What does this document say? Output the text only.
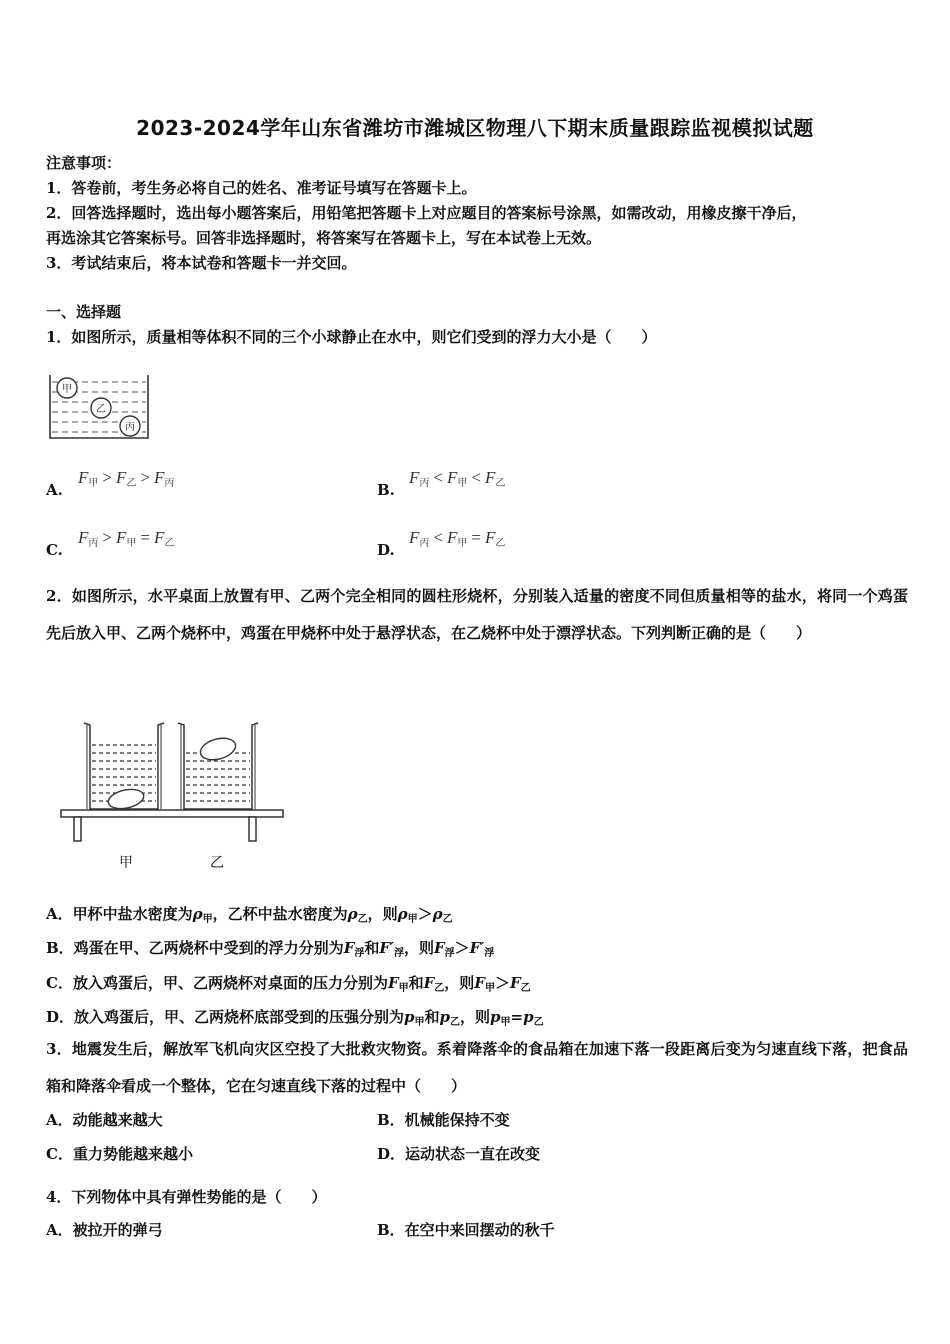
2023-2024学年山东省潍坊市潍城区物理八下期末质量跟踪监视模拟试题
注意事项：
1．答卷前，考生务必将自己的姓名、准考证号填写在答题卡上。
2．回答选择题时，选出每小题答案后，用铅笔把答题卡上对应题目的答案标号涂黑，如需改动，用橡皮擦干净后，
再选涂其它答案标号。回答非选择题时，将答案写在答题卡上，写在本试卷上无效。
3．考试结束后，将本试卷和答题卡一并交回。
一、选择题
1．如图所示，质量相等体积不同的三个小球静止在水中，则它们受到的浮力大小是（　　）
甲
乙
丙
A.
$F_甲 > F_乙 > F_丙$	B.
$F_丙 < F_甲 < F_乙$
C.
$F_丙 > F_甲 = F_乙$	D.
$F_丙 < F_甲 = F_乙$
2．如图所示，水平桌面上放置有甲、乙两个完全相同的圆柱形烧杯，分别装入适量的密度不同但质量相等的盐水，将同一个鸡蛋先后放入甲、乙两个烧杯中，鸡蛋在甲烧杯中处于悬浮状态，在乙烧杯中处于漂浮状态。下列判断正确的是（　　）
甲	乙
A．甲杯中盐水密度为$\rho_甲$，乙杯中盐水密度为$\rho_乙$，则$\rho_甲>\rho_乙$
B．鸡蛋在甲、乙两烧杯中受到的浮力分别为$F_浮$和$F'_浮$，则$F_浮>F'_浮$
C．放入鸡蛋后，甲、乙两烧杯对桌面的压力分别为$F_甲$和$F_乙$，则$F_甲>F_乙$
D．放入鸡蛋后，甲、乙两烧杯底部受到的压强分别为$p_甲$和$p_乙$，则$p_甲=p_乙$
3．地震发生后，解放军飞机向灾区空投了大批救灾物资。系着降落伞的食品箱在加速下落一段距离后变为匀速直线下落，把食品箱和降落伞看成一个整体，它在匀速直线下落的过程中（　　）
A．动能越来越大	B．机械能保持不变
C．重力势能越来越小	D．运动状态一直在改变
4．下列物体中具有弹性势能的是（　　）
A．被拉开的弹弓	B．在空中来回摆动的秋千
